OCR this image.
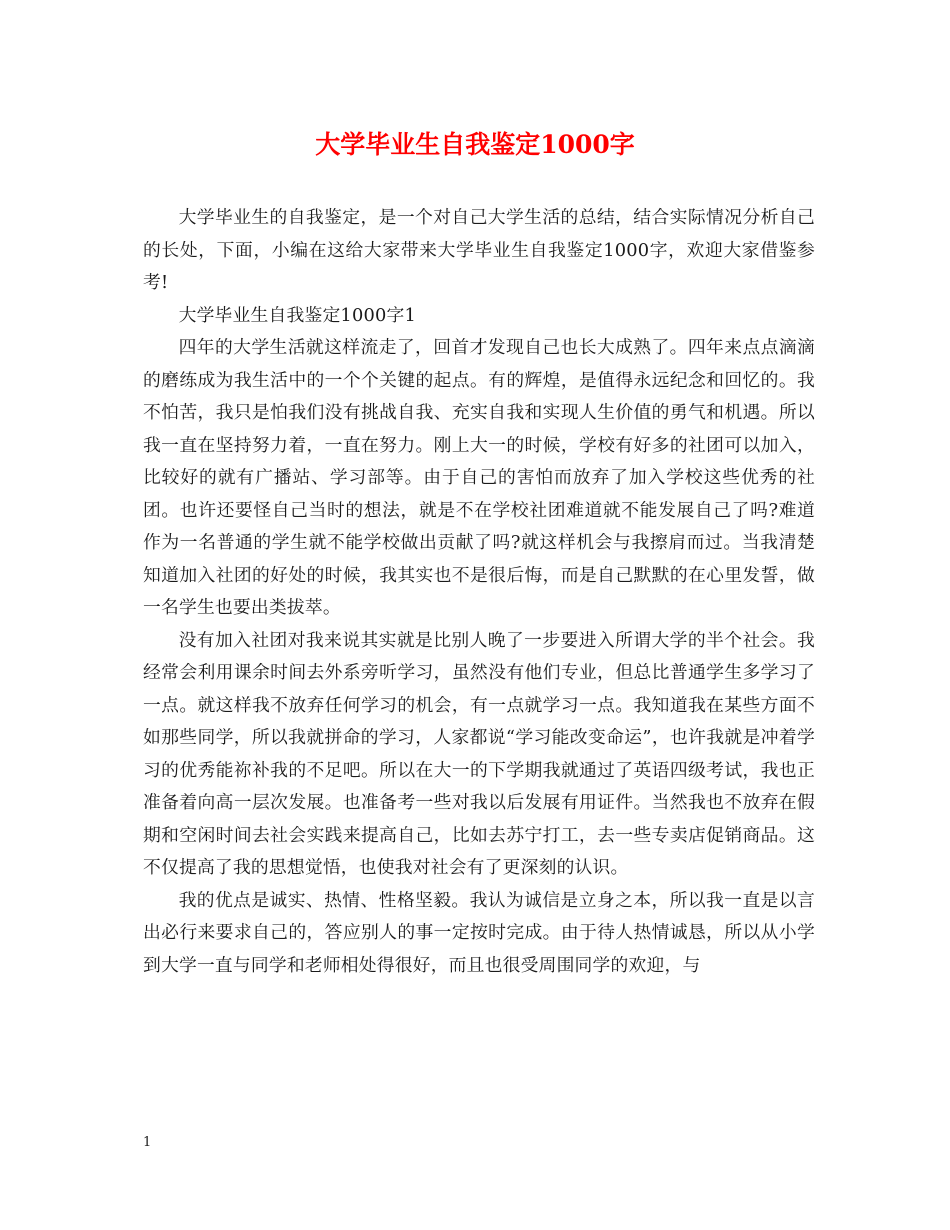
大学毕业生自我鉴定1000字

大学毕业生的自我鉴定，是一个对自己大学生活的总结，结合实际情况分析自己的长处，下面，小编在这给大家带来大学毕业生自我鉴定1000字，欢迎大家借鉴参考!

大学毕业生自我鉴定1000字1

四年的大学生活就这样流走了，回首才发现自己也长大成熟了。四年来点点滴滴的磨练成为我生活中的一个个关键的起点。有的辉煌，是值得永远纪念和回忆的。我不怕苦，我只是怕我们没有挑战自我、充实自我和实现人生价值的勇气和机遇。所以我一直在坚持努力着，一直在努力。刚上大一的时候，学校有好多的社团可以加入，比较好的就有广播站、学习部等。由于自己的害怕而放弃了加入学校这些优秀的社团。也许还要怪自己当时的想法，就是不在学校社团难道就不能发展自己了吗?难道作为一名普通的学生就不能学校做出贡献了吗?就这样机会与我擦肩而过。当我清楚知道加入社团的好处的时候，我其实也不是很后悔，而是自己默默的在心里发誓，做一名学生也要出类拔萃。

没有加入社团对我来说其实就是比别人晚了一步要进入所谓大学的半个社会。我经常会利用课余时间去外系旁听学习，虽然没有他们专业，但总比普通学生多学习了一点。就这样我不放弃任何学习的机会，有一点就学习一点。我知道我在某些方面不如那些同学，所以我就拼命的学习，人家都说“学习能改变命运”，也许我就是冲着学习的优秀能祢补我的不足吧。所以在大一的下学期我就通过了英语四级考试，我也正准备着向高一层次发展。也准备考一些对我以后发展有用证件。当然我也不放弃在假期和空闲时间去社会实践来提高自己，比如去苏宁打工，去一些专卖店促销商品。这不仅提高了我的思想觉悟，也使我对社会有了更深刻的认识。

我的优点是诚实、热情、性格坚毅。我认为诚信是立身之本，所以我一直是以言出必行来要求自己的，答应别人的事一定按时完成。由于待人热情诚恳，所以从小学到大学一直与同学和老师相处得很好，而且也很受周围同学的欢迎，与

1
